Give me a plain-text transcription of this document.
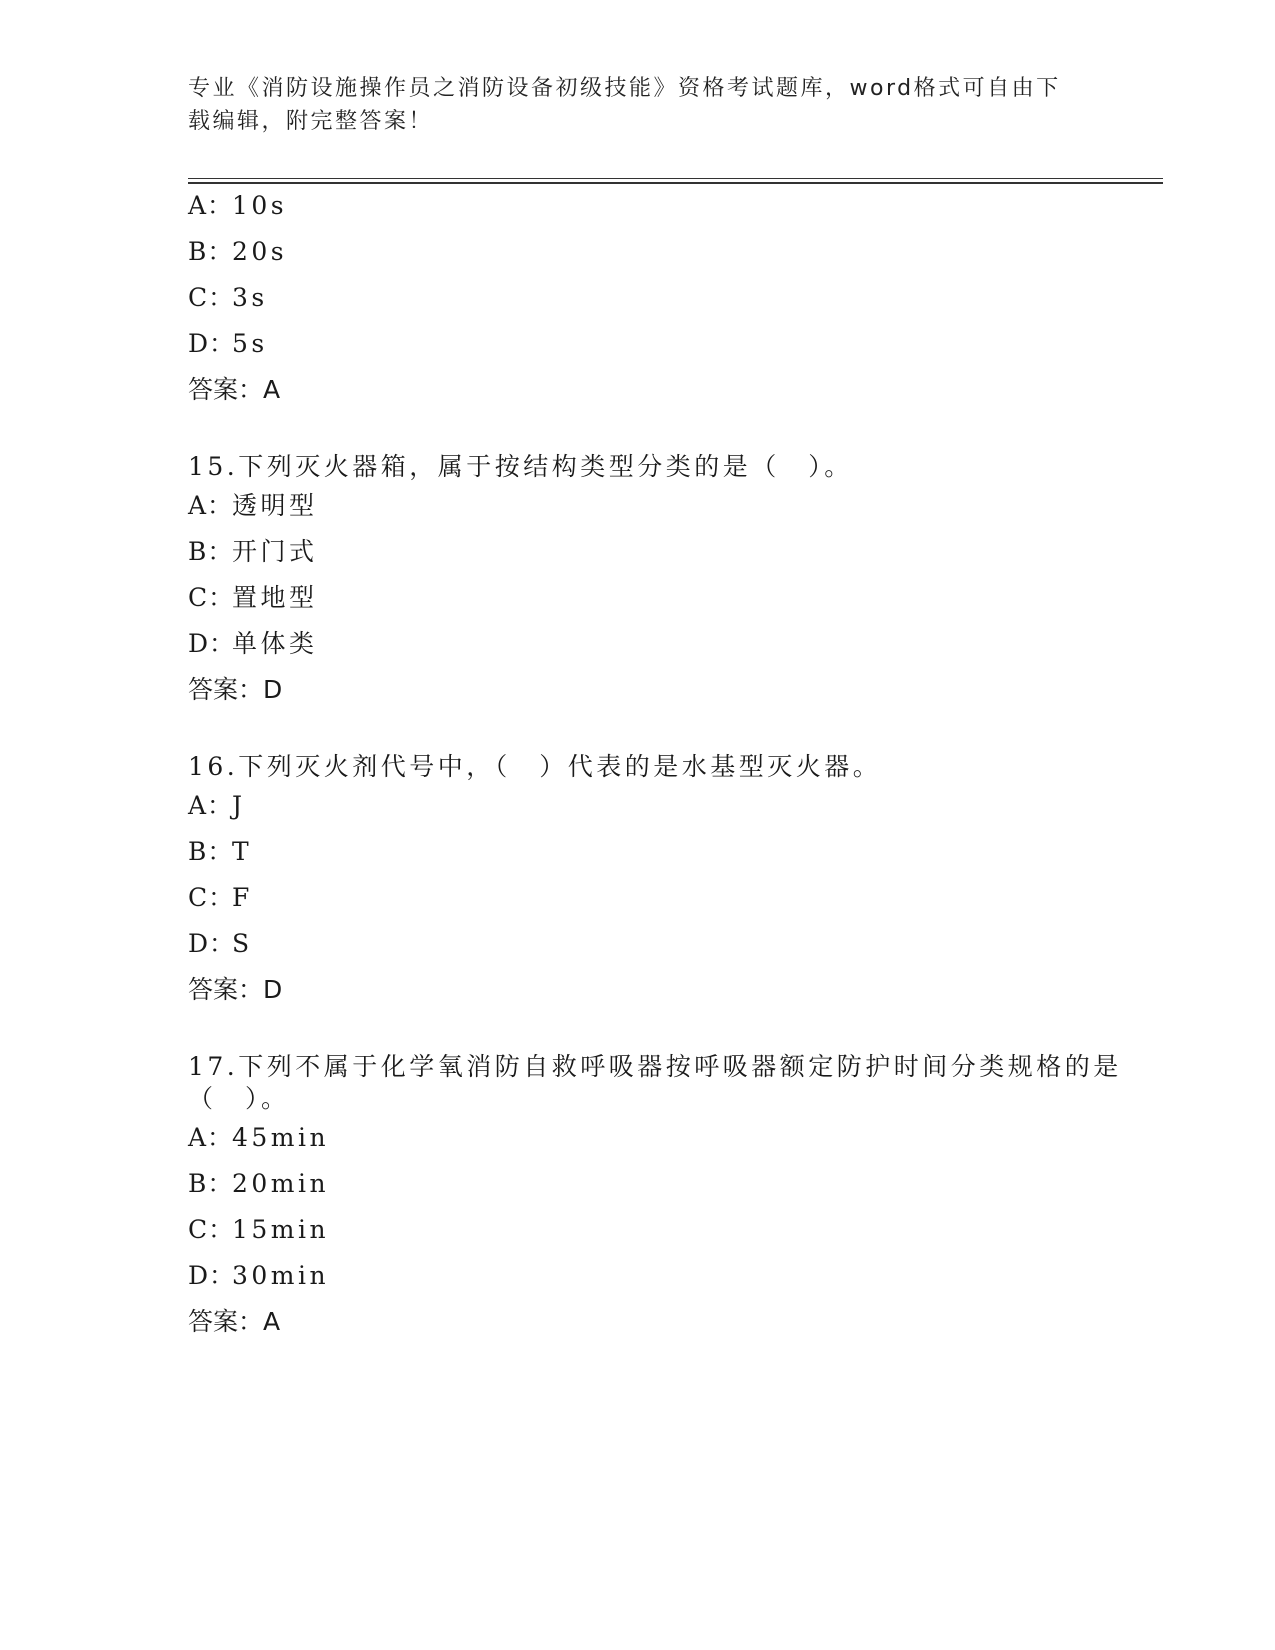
专业《消防设施操作员之消防设备初级技能》资格考试题库，word格式可自由下
载编辑，附完整答案！
A：10s
B：20s
C：3s
D：5s
答案：A
15.下列灭火器箱，属于按结构类型分类的是（　）。
A：透明型
B：开门式
C：置地型
D：单体类
答案：D
16.下列灭火剂代号中，（　）代表的是水基型灭火器。
A：J
B：T
C：F
D：S
答案：D
17.下列不属于化学氧消防自救呼吸器按呼吸器额定防护时间分类规格的是（　）。
A：45min
B：20min
C：15min
D：30min
答案：A
